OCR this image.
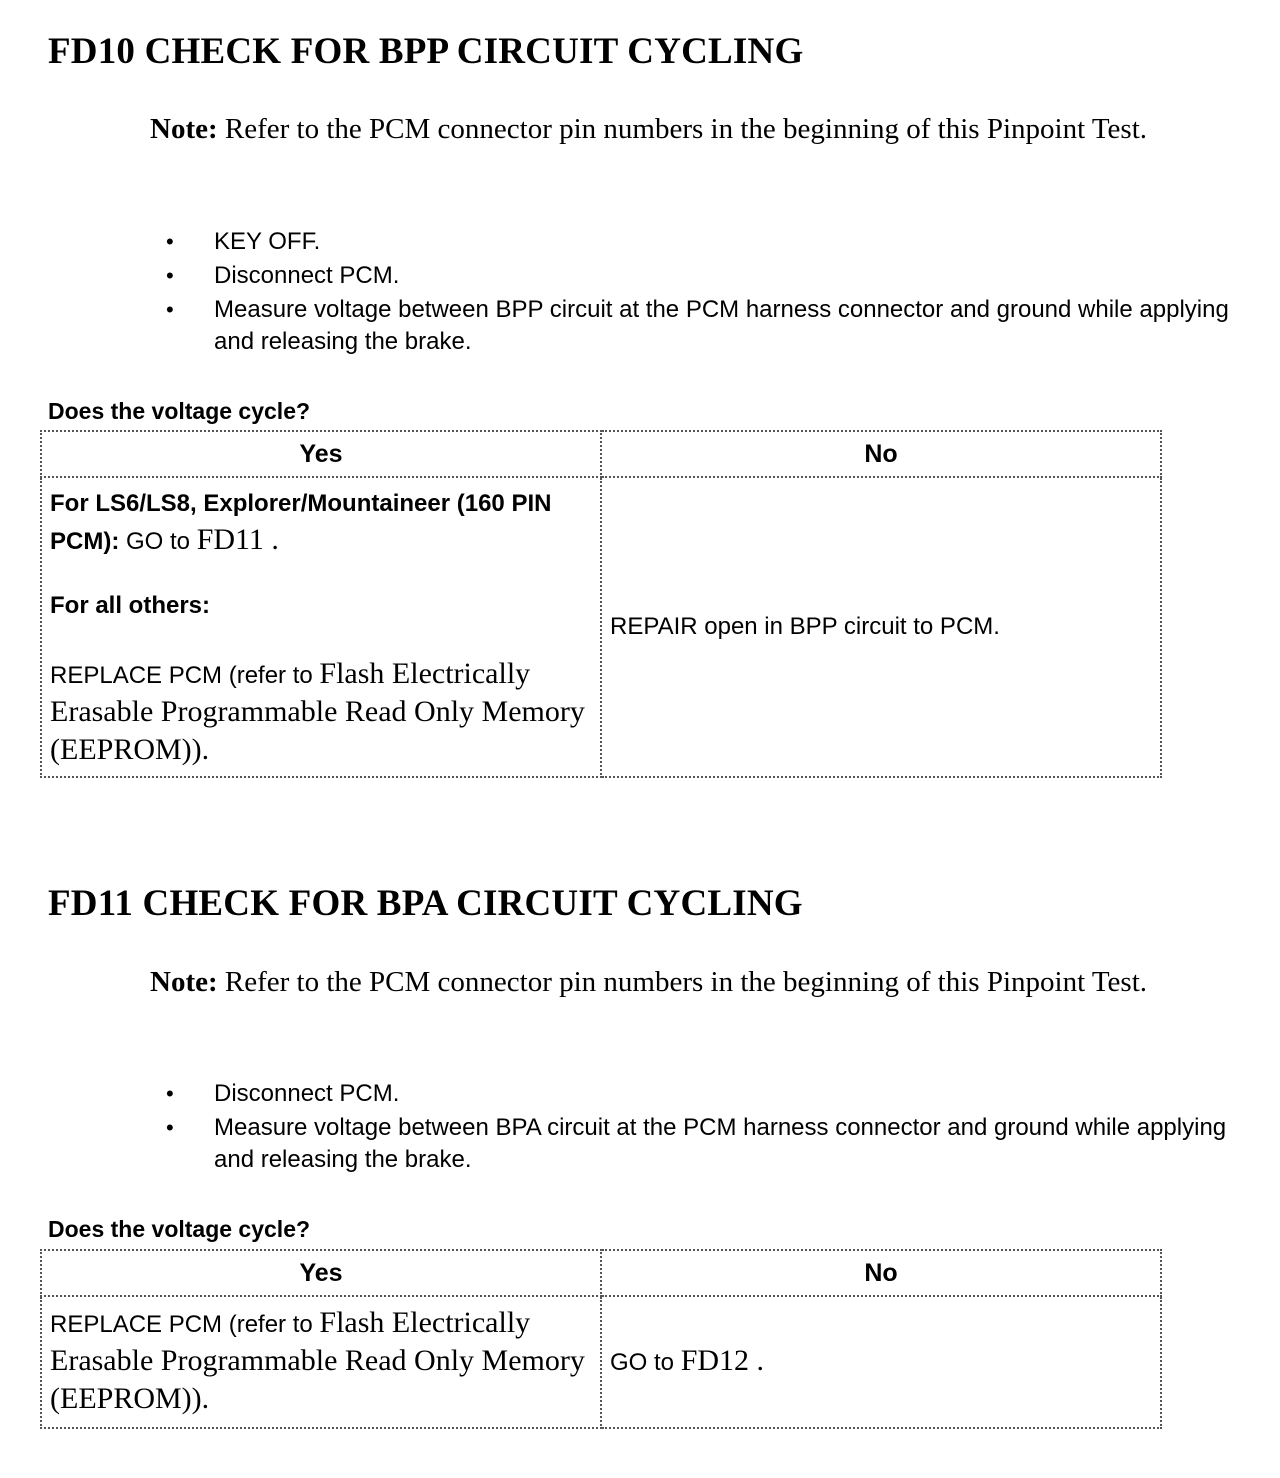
FD10 CHECK FOR BPP CIRCUIT CYCLING

Note: Refer to the PCM connector pin numbers in the beginning of this Pinpoint Test.

• KEY OFF.
• Disconnect PCM.
• Measure voltage between BPP circuit at the PCM harness connector and ground while applying and releasing the brake.

Does the voltage cycle?

Yes	No

For LS6/LS8, Explorer/Mountaineer (160 PIN PCM): GO to FD11 .

For all others:

REPLACE PCM (refer to Flash Electrically Erasable Programmable Read Only Memory (EEPROM)).	REPAIR open in BPP circuit to PCM.
FD11 CHECK FOR BPA CIRCUIT CYCLING

Note: Refer to the PCM connector pin numbers in the beginning of this Pinpoint Test.

• Disconnect PCM.
• Measure voltage between BPA circuit at the PCM harness connector and ground while applying and releasing the brake.

Does the voltage cycle?

Yes	No

REPLACE PCM (refer to Flash Electrically Erasable Programmable Read Only Memory (EEPROM)).	GO to FD12 .
